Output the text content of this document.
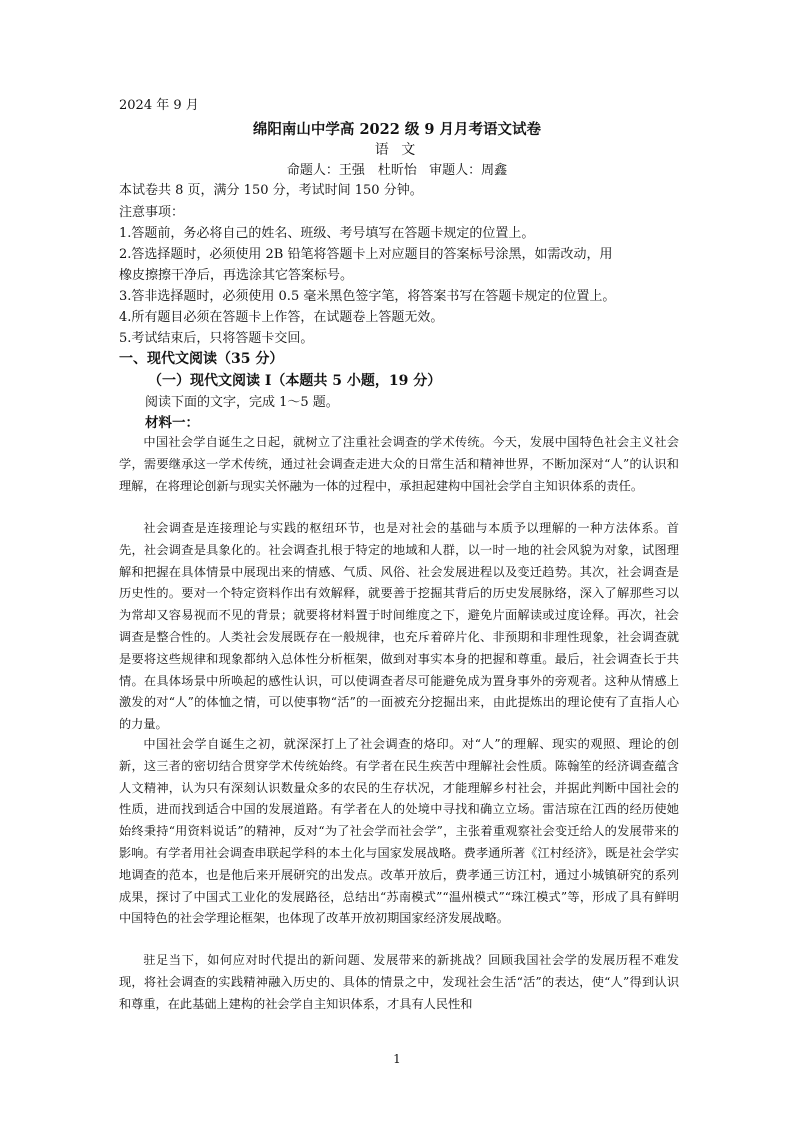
2024 年 9 月
绵阳南山中学高 2022 级 9 月月考语文试卷
语 文
命题人：王强　杜昕怡 审题人：周鑫
本试卷共 8 页，满分 150 分，考试时间 150 分钟。
注意事项：
1.答题前，务必将自己的姓名、班级、考号填写在答题卡规定的位置上。
2.答选择题时，必须使用 2B 铅笔将答题卡上对应题目的答案标号涂黑，如需改动，用
橡皮擦擦干净后，再选涂其它答案标号。
3.答非选择题时，必须使用 0.5 毫米黑色签字笔，将答案书写在答题卡规定的位置上。
4.所有题目必须在答题卡上作答，在试题卷上答题无效。
5.考试结束后，只将答题卡交回。
一、现代文阅读（35 分）
（一）现代文阅读 I（本题共 5 小题，19 分）
阅读下面的文字，完成 1～5 题。
材料一：
中国社会学自诞生之日起，就树立了注重社会调查的学术传统。今天，发展中国特色社会主义社会学，需要继承这一学术传统，通过社会调查走进大众的日常生活和精神世界，不断加深对“人”的认识和理解，在将理论创新与现实关怀融为一体的过程中，承担起建构中国社会学自主知识体系的责任。
社会调查是连接理论与实践的枢纽环节，也是对社会的基础与本质予以理解的一种方法体系。首先，社会调查是具象化的。社会调查扎根于特定的地域和人群，以一时一地的社会风貌为对象，试图理解和把握在具体情景中展现出来的情感、气质、风俗、社会发展进程以及变迁趋势。其次，社会调查是历史性的。要对一个特定资料作出有效解释，就要善于挖掘其背后的历史发展脉络，深入了解那些习以为常却又容易视而不见的背景；就要将材料置于时间维度之下，避免片面解读或过度诠释。再次，社会调查是整合性的。人类社会发展既存在一般规律，也充斥着碎片化、非预期和非理性现象，社会调查就是要将这些规律和现象都纳入总体性分析框架，做到对事实本身的把握和尊重。最后，社会调查长于共情。在具体场景中所唤起的感性认识，可以使调查者尽可能避免成为置身事外的旁观者。这种从情感上激发的对“人”的体恤之情，可以使事物“活”的一面被充分挖掘出来，由此提炼出的理论使有了直指人心的力量。
中国社会学自诞生之初，就深深打上了社会调查的烙印。对“人”的理解、现实的观照、理论的创新，这三者的密切结合贯穿学术传统始终。有学者在民生疾苦中理解社会性质。陈翰笙的经济调查蕴含人文精神，认为只有深刻认识数量众多的农民的生存状况，才能理解乡村社会，并据此判断中国社会的性质，进而找到适合中国的发展道路。有学者在人的处境中寻找和确立立场。雷洁琼在江西的经历使她始终秉持“用资料说话”的精神，反对“为了社会学而社会学”，主张着重观察社会变迁给人的发展带来的影响。有学者用社会调查串联起学科的本土化与国家发展战略。费孝通所著《江村经济》，既是社会学实地调查的范本，也是他后来开展研究的出发点。改革开放后，费孝通三访江村，通过小城镇研究的系列成果，探讨了中国式工业化的发展路径，总结出“苏南模式”“温州模式”“珠江模式”等，形成了具有鲜明中国特色的社会学理论框架，也体现了改革开放初期国家经济发展战略。
驻足当下，如何应对时代提出的新问题、发展带来的新挑战？回顾我国社会学的发展历程不难发现，将社会调查的实践精神融入历史的、具体的情景之中，发现社会生活“活”的表达，使“人”得到认识和尊重，在此基础上建构的社会学自主知识体系，才具有人民性和
1
